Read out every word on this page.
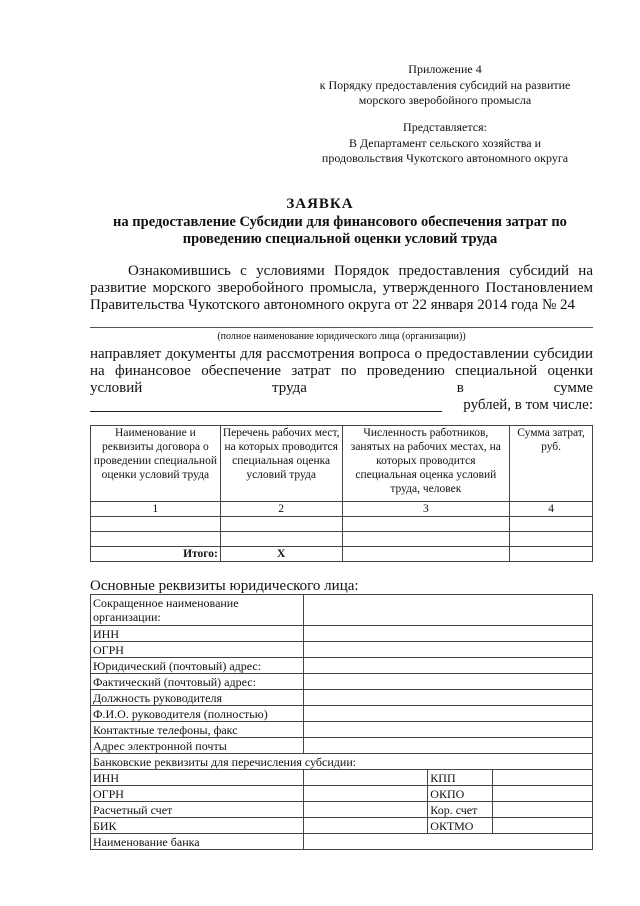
Приложение 4
к Порядку предоставления субсидий на развитие
морского зверобойного промысла
Представляется:
В Департамент сельского хозяйства и
продовольствия Чукотского автономного округа
ЗАЯВКА
на предоставление Субсидии для финансового обеспечения затрат по
проведению специальной оценки условий труда
Ознакомившись с условиями Порядок предоставления субсидий на
развитие морского зверобойного промысла, утвержденного Постановлением
Правительства Чукотского автономного округа от 22 января 2014 года № 24
(полное наименование юридического лица (организации))
направляет документы для рассмотрения вопроса о предоставлении субсидии
на финансовое обеспечение затрат по проведению специальной оценки
условий	труда	в	сумме
рублей, в том числе:
Наименование и реквизиты договора о проведении специальной оценки условий труда	Перечень рабочих мест, на которых проводится специальная оценка условий труда	Численность работников, занятых на рабочих местах, на которых проводится специальная оценка условий труда, человек	Сумма затрат, руб.
1	2	3	4

Итого:	Х		
Основные реквизиты юридического лица:
Сокращенное наименование организации:			
ИНН			
ОГРН			
Юридический (почтовый) адрес:			
Фактический (почтовый) адрес:			
Должность руководителя			
Ф.И.О. руководителя (полностью)			
Контактные телефоны, факс			
Адрес электронной почты			
Банковские реквизиты для перечисления субсидии:			
ИНН		КПП	
ОГРН		ОКПО	
Расчетный счет		Кор. счет	
БИК		ОКТМО	
Наименование банка			
